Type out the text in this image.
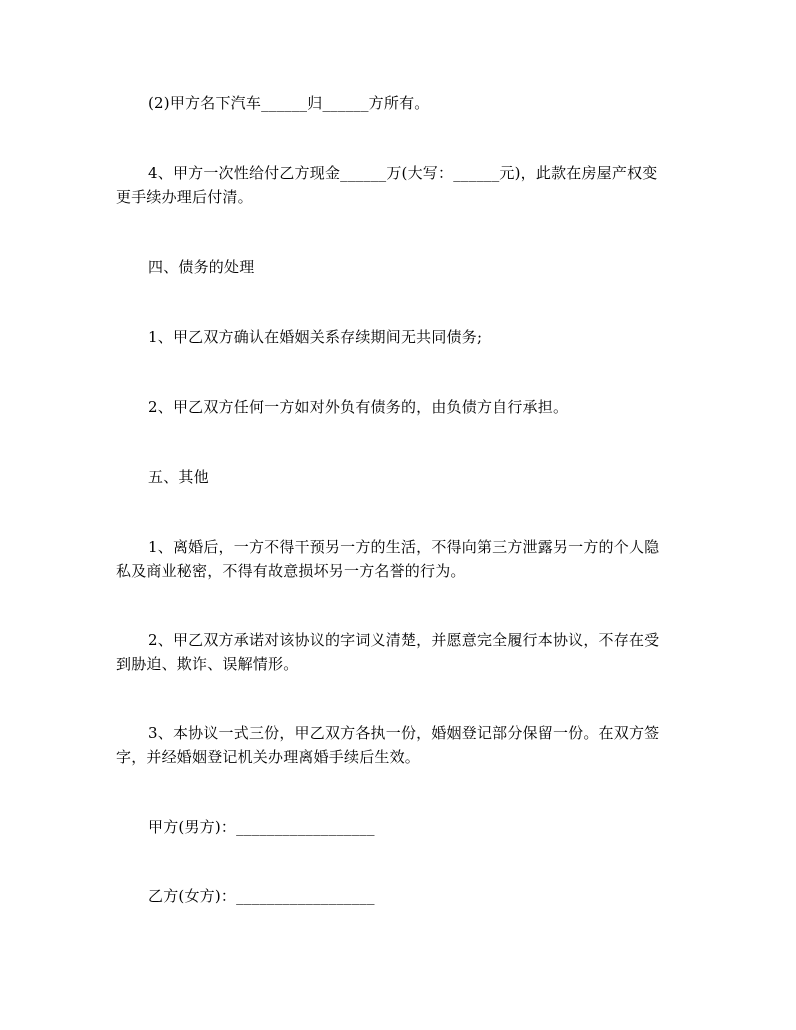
(2)甲方名下汽车______归______方所有。
4、甲方一次性给付乙方现金______万(大写：______元)，此款在房屋产权变
更手续办理后付清。
四、债务的处理
1、甲乙双方确认在婚姻关系存续期间无共同债务;
2、甲乙双方任何一方如对外负有债务的，由负债方自行承担。
五、其他
1、离婚后，一方不得干预另一方的生活，不得向第三方泄露另一方的个人隐
私及商业秘密，不得有故意损坏另一方名誉的行为。
2、甲乙双方承诺对该协议的字词义清楚，并愿意完全履行本协议，不存在受
到胁迫、欺诈、误解情形。
3、本协议一式三份，甲乙双方各执一份，婚姻登记部分保留一份。在双方签
字，并经婚姻登记机关办理离婚手续后生效。
甲方(男方)：__________________
乙方(女方)：__________________
